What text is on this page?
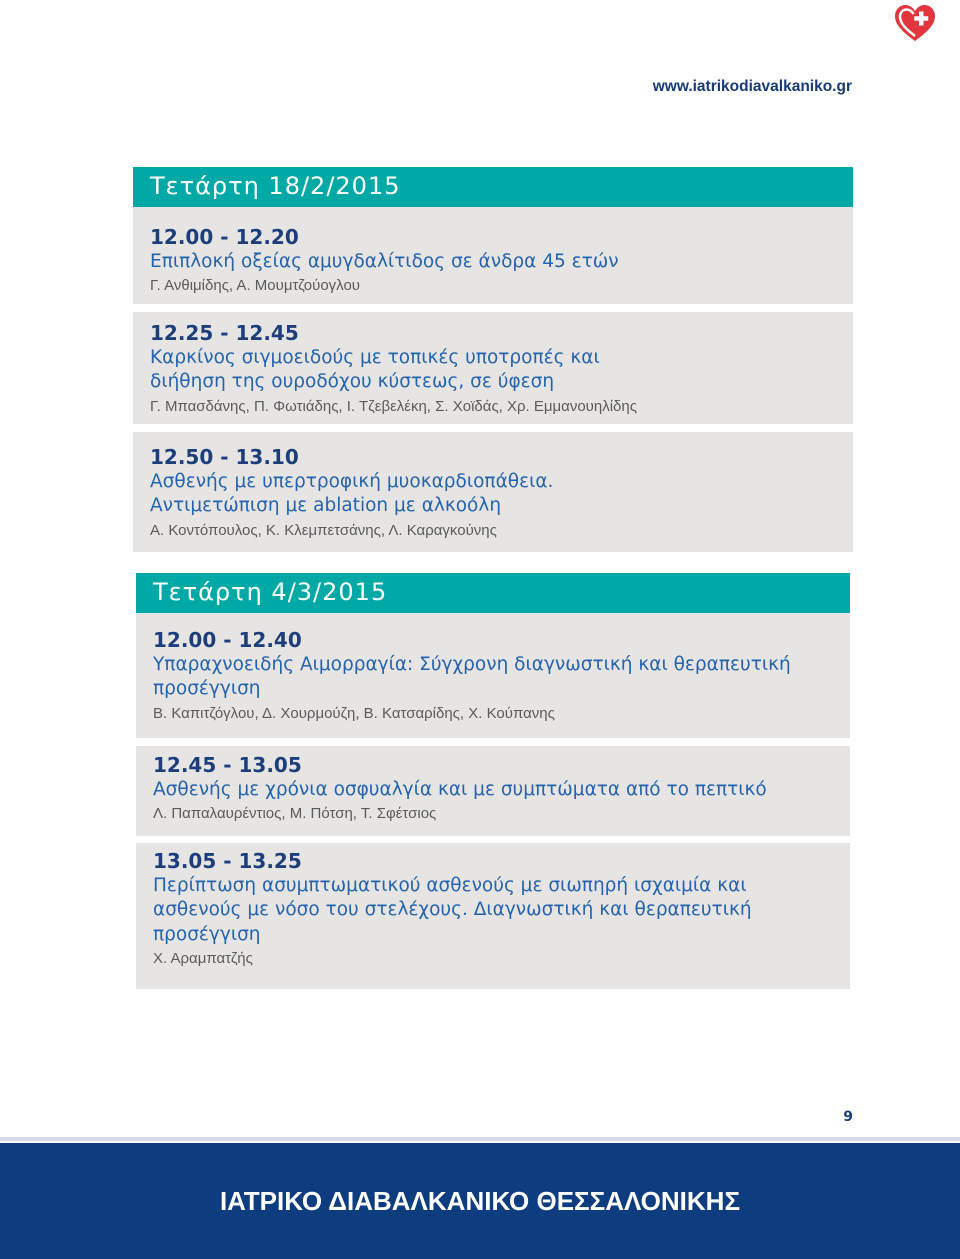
www.iatrikodiavalkaniko.gr
Τετάρτη 18/2/2015
12.00 - 12.20
Επιπλοκή οξείας αμυγδαλίτιδος σε άνδρα 45 ετών
Γ. Ανθιμίδης, Α. Μουμτζούογλου
12.25 - 12.45
Καρκίνος σιγμοειδούς με τοπικές υποτροπές και
διήθηση της ουροδόχου κύστεως, σε ύφεση
Γ. Μπασδάνης, Π. Φωτιάδης, Ι. Τζεβελέκη, Σ. Χοϊδάς, Χρ. Εμμανουηλίδης
12.50 - 13.10
Ασθενής με υπερτροφική μυοκαρδιοπάθεια.
Αντιμετώπιση με ablation με αλκοόλη
Α. Κοντόπουλος, Κ. Κλεμπετσάνης, Λ. Καραγκούνης
Τετάρτη 4/3/2015
12.00 - 12.40
Υπαραχνοειδής Αιμορραγία: Σύγχρονη διαγνωστική και θεραπευτική
προσέγγιση
Β. Καπιτζόγλου, Δ. Χουρμούζη, Β. Κατσαρίδης, Χ. Κούπανης
12.45 - 13.05
Ασθενής με χρόνια οσφυαλγία και με συμπτώματα από το πεπτικό
Λ. Παπαλαυρέντιος, Μ. Πότση, Τ. Σφέτσιος
13.05 - 13.25
Περίπτωση ασυμπτωματικού ασθενούς με σιωπηρή ισχαιμία και
ασθενούς με νόσο του στελέχους. Διαγνωστική και θεραπευτική
προσέγγιση
Χ. Αραμπατζής
9
ΙΑΤΡΙΚΟ ΔΙΑΒΑΛΚΑΝΙΚΟ ΘΕΣΣΑΛΟΝΙΚΗΣ
